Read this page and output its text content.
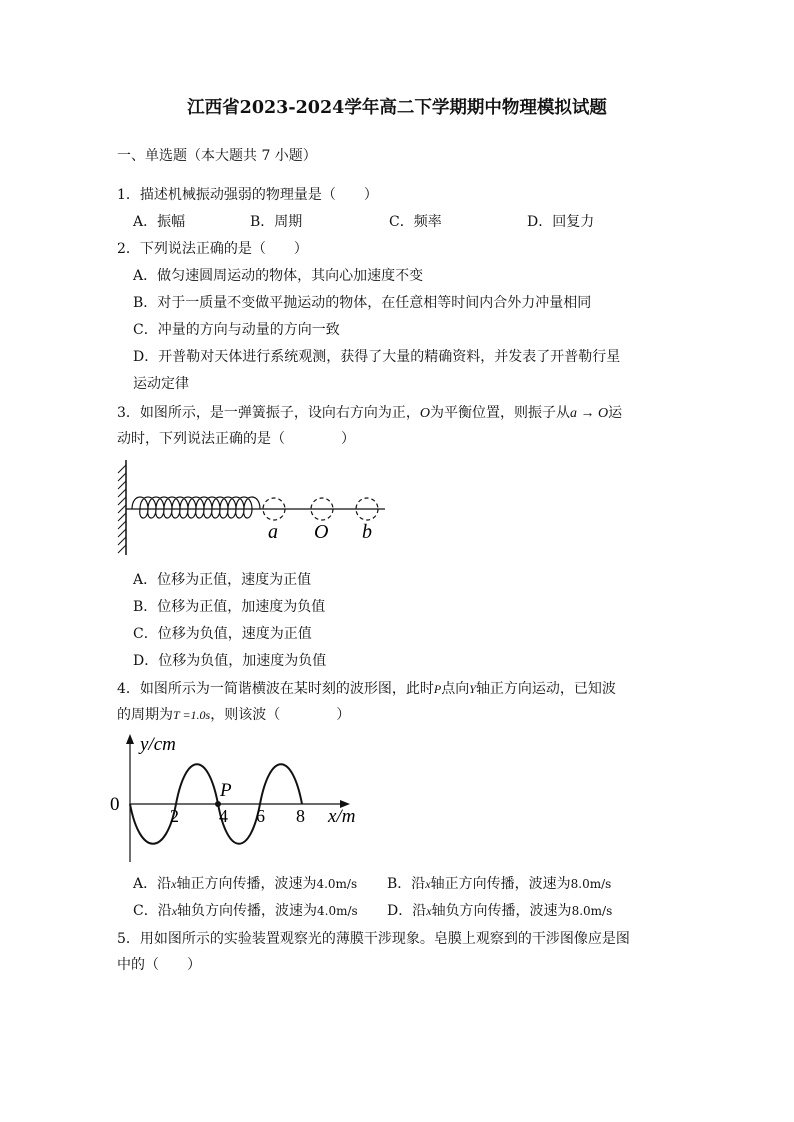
江西省2023-2024学年高二下学期期中物理模拟试题
一、单选题（本大题共 7 小题）
1．描述机械振动强弱的物理量是（　　）
A．振幅	B．周期	C．频率	D．回复力
2．下列说法正确的是（　　）
A．做匀速圆周运动的物体，其向心加速度不变
B．对于一质量不变做平抛运动的物体，在任意相等时间内合外力冲量相同
C．冲量的方向与动量的方向一致
D．开普勒对天体进行系统观测，获得了大量的精确资料，并发表了开普勒行星
运动定律
3．如图所示，是一弹簧振子，设向右方向为正，O为平衡位置，则振子从a → O运
动时，下列说法正确的是（　　　　）
a O b
A．位移为正值，速度为正值
B．位移为正值，加速度为负值
C．位移为负值，速度为正值
D．位移为负值，加速度为负值
4．如图所示为一简谐横波在某时刻的波形图，此时P点向Y轴正方向运动，已知波
的周期为T =1.0s，则该波（　　　　）
y/cm
0
2 4 6 8
P
x/m
A．沿x轴正方向传播，波速为4.0m/s B．沿x轴正方向传播，波速为8.0m/s
C．沿x轴负方向传播，波速为4.0m/s D．沿x轴负方向传播，波速为8.0m/s
5．用如图所示的实验装置观察光的薄膜干涉现象。皂膜上观察到的干涉图像应是图
中的（　　）
